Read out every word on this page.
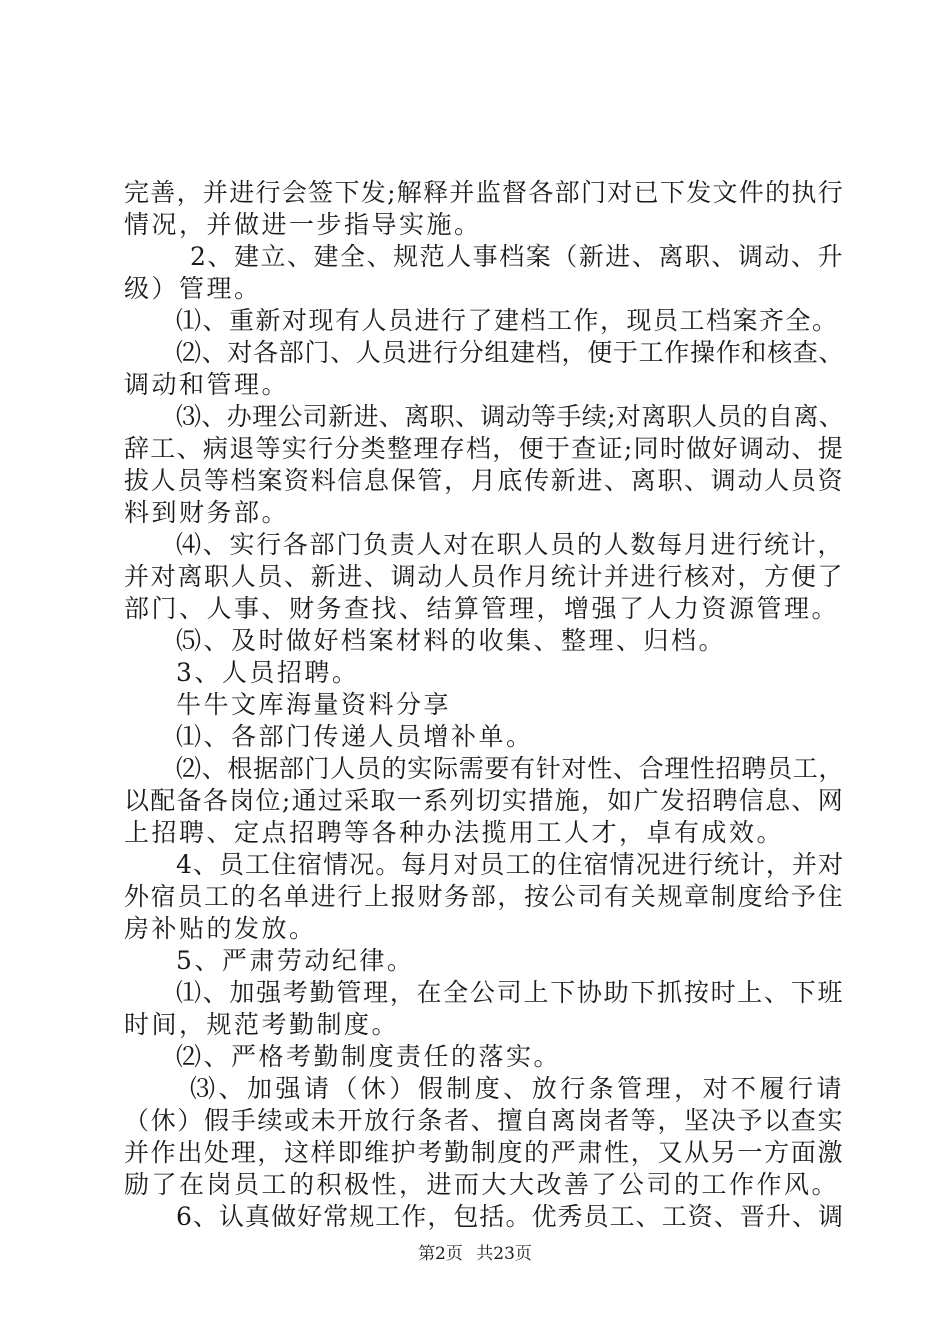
完善，并进行会签下发;解释并监督各部门对已下发文件的执行
情况，并做进一步指导实施。
2、建立、建全、规范人事档案（新进、离职、调动、升
级）管理。
⑴、重新对现有人员进行了建档工作，现员工档案齐全。
⑵、对各部门、人员进行分组建档，便于工作操作和核查、
调动和管理。
⑶、办理公司新进、离职、调动等手续;对离职人员的自离、
辞工、病退等实行分类整理存档，便于查证;同时做好调动、提
拔人员等档案资料信息保管，月底传新进、离职、调动人员资
料到财务部。
⑷、实行各部门负责人对在职人员的人数每月进行统计，
并对离职人员、新进、调动人员作月统计并进行核对，方便了
部门、人事、财务查找、结算管理，增强了人力资源管理。
⑸、及时做好档案材料的收集、整理、归档。
3、人员招聘。
牛牛文库海量资料分享
⑴、各部门传递人员增补单。
⑵、根据部门人员的实际需要有针对性、合理性招聘员工，
以配备各岗位;通过采取一系列切实措施，如广发招聘信息、网
上招聘、定点招聘等各种办法揽用工人才，卓有成效。
4、员工住宿情况。每月对员工的住宿情况进行统计，并对
外宿员工的名单进行上报财务部，按公司有关规章制度给予住
房补贴的发放。
5、严肃劳动纪律。
⑴、加强考勤管理，在全公司上下协助下抓按时上、下班
时间，规范考勤制度。
⑵、严格考勤制度责任的落实。
⑶、加强请（休）假制度、放行条管理，对不履行请
（休）假手续或未开放行条者、擅自离岗者等，坚决予以查实
并作出处理，这样即维护考勤制度的严肃性，又从另一方面激
励了在岗员工的积极性，进而大大改善了公司的工作作风。
6、认真做好常规工作，包括。优秀员工、工资、晋升、调
第2页 共23页
